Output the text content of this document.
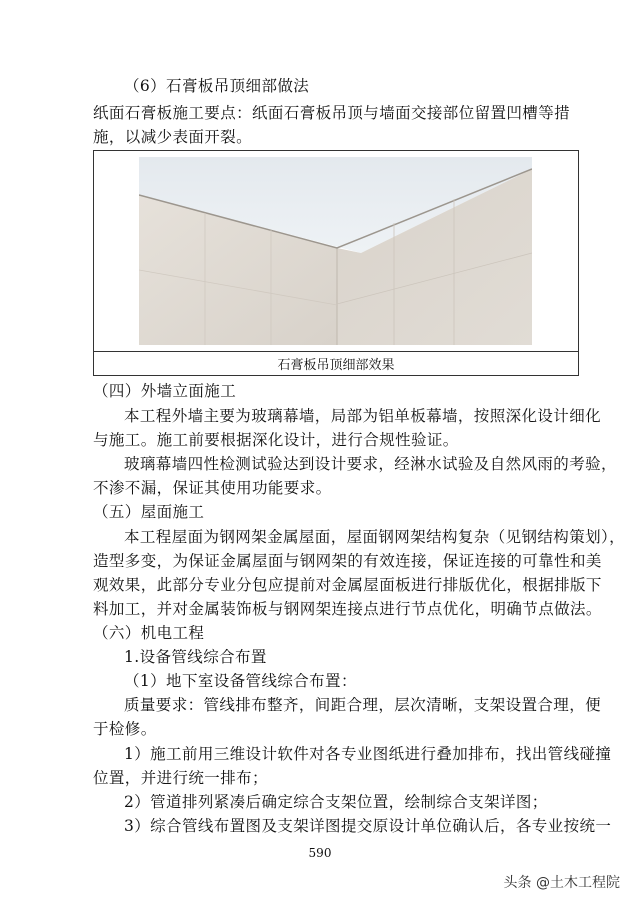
（6）石膏板吊顶细部做法
纸面石膏板施工要点：纸面石膏板吊顶与墙面交接部位留置凹槽等措
施，以减少表面开裂。
石膏板吊顶细部效果
（四）外墙立面施工
本工程外墙主要为玻璃幕墙，局部为铝单板幕墙，按照深化设计细化
与施工。施工前要根据深化设计，进行合规性验证。
玻璃幕墙四性检测试验达到设计要求，经淋水试验及自然风雨的考验，
不渗不漏，保证其使用功能要求。
（五）屋面施工
本工程屋面为钢网架金属屋面，屋面钢网架结构复杂（见钢结构策划），
造型多变，为保证金属屋面与钢网架的有效连接，保证连接的可靠性和美
观效果，此部分专业分包应提前对金属屋面板进行排版优化，根据排版下
料加工，并对金属装饰板与钢网架连接点进行节点优化，明确节点做法。
（六）机电工程
1.设备管线综合布置
（1）地下室设备管线综合布置：
质量要求：管线排布整齐，间距合理，层次清晰，支架设置合理，便
于检修。
1）施工前用三维设计软件对各专业图纸进行叠加排布，找出管线碰撞
位置，并进行统一排布；
2）管道排列紧凑后确定综合支架位置，绘制综合支架详图；
3）综合管线布置图及支架详图提交原设计单位确认后，各专业按统一
590
头条 @土木工程院
